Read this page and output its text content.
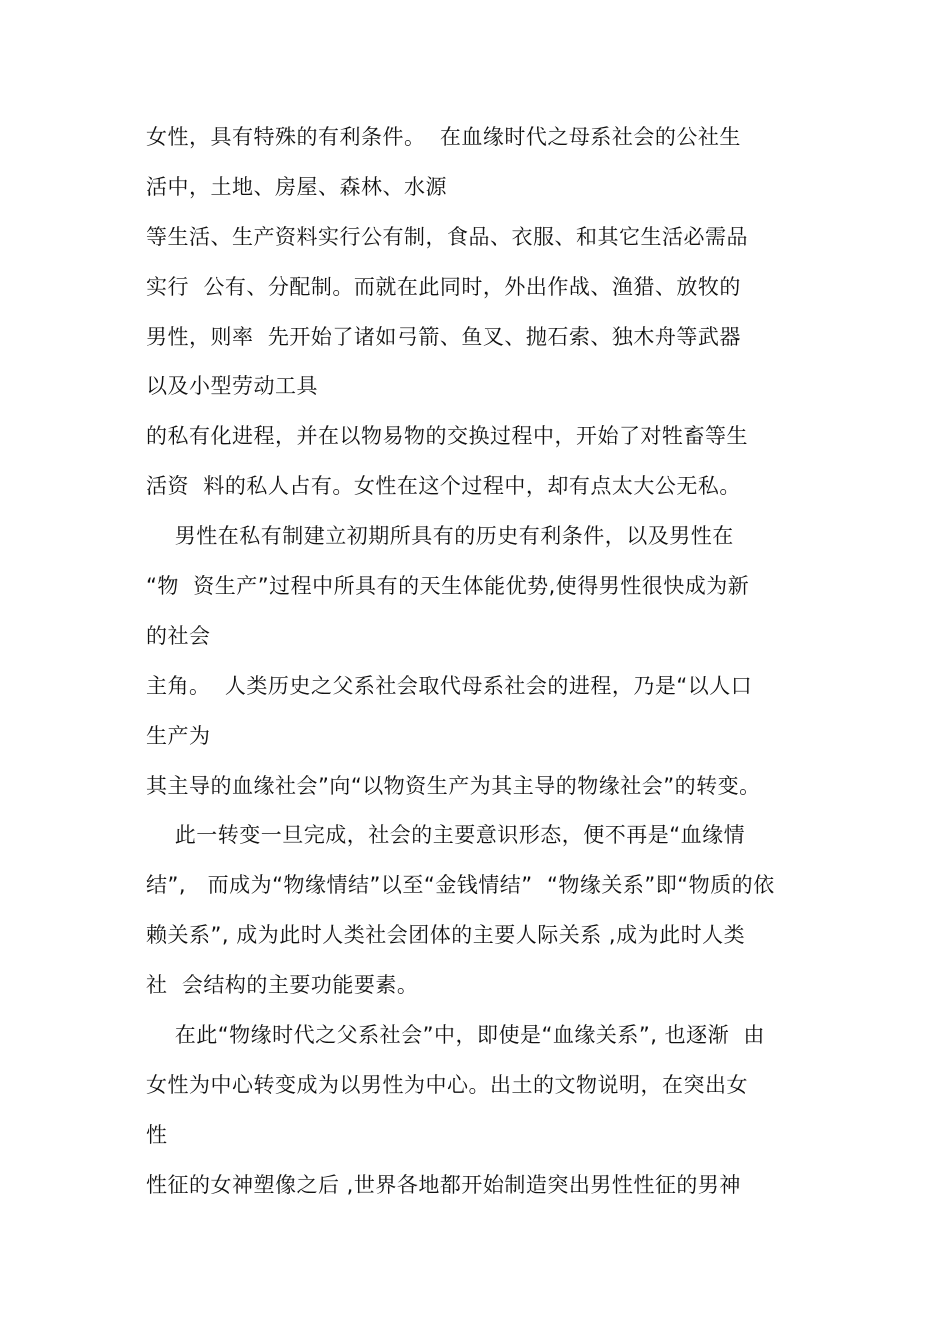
女性，具有特殊的有利条件。  在血缘时代之母系社会的公社生
活中，土地、房屋、森林、水源
等生活、生产资料实行公有制，食品、衣服、和其它生活必需品
实行  公有、分配制。而就在此同时，外出作战、渔猎、放牧的
男性，则率  先开始了诸如弓箭、鱼叉、抛石索、独木舟等武器
以及小型劳动工具
的私有化进程，并在以物易物的交换过程中，开始了对牲畜等生
活资  料的私人占有。女性在这个过程中，却有点太大公无私。
男性在私有制建立初期所具有的历史有利条件，以及男性在
“物  资生产”过程中所具有的天生体能优势,使得男性很快成为新
的社会
主角。  人类历史之父系社会取代母系社会的进程，乃是“以人口
生产为
其主导的血缘社会”向“以物资生产为其主导的物缘社会”的转变。
此一转变一旦完成，社会的主要意识形态，便不再是“血缘情
结”,   而成为“物缘情结”以至“金钱情结”  “物缘关系”即“物质的依
赖关系”, 成为此时人类社会团体的主要人际关系 ,成为此时人类
社  会结构的主要功能要素。
在此“物缘时代之父系社会”中，即使是“血缘关系”, 也逐渐  由
女性为中心转变成为以男性为中心。出土的文物说明，在突出女
性
性征的女神塑像之后 ,世界各地都开始制造突出男性性征的男神
